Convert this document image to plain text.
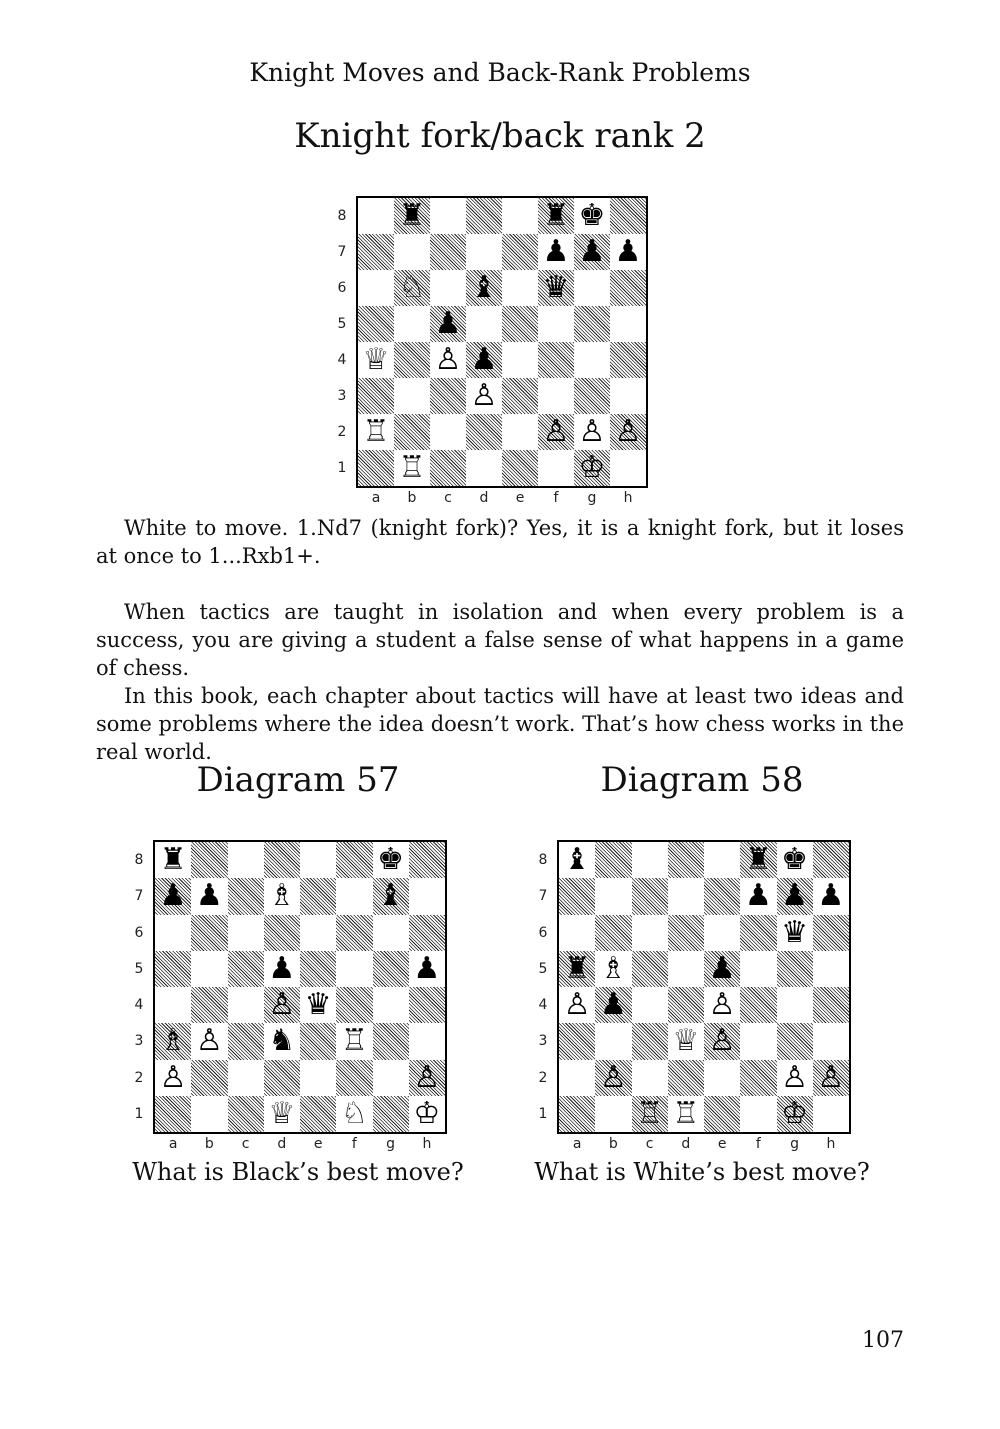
Knight Moves and Back-Rank Problems
Knight fork/back rank 2
♜	♜ ♚
♟ ♟ ♟
♘ ♝ ♛
♟
♕ ♙ ♟
♙
♖	♙ ♙ ♙
♖	♔
White to move. 1.Nd7 (knight fork)? Yes, it is a knight fork, but it loses at once to 1...Rxb1+.
When tactics are taught in isolation and when every problem is a success, you are giving a student a false sense of what happens in a game of chess.
In this book, each chapter about tactics will have at least two ideas and some problems where the idea doesn’t work. That’s how chess works in the real world.
Diagram 57	Diagram 58
♜	♚
♟ ♟ ♗	♝
♟	♟
♙ ♛
♗ ♙ ♞ ♖
♙	♙
♕ ♘ ♔
♝	♜ ♚
♟ ♟ ♟
♛
♜ ♗	♟
♙ ♟	♙
♕ ♙
♙	♙ ♙
♖ ♖	♔
What is Black’s best move?	What is White’s best move?
107
8
7
6
5
4
3
2
1
a	b	c	d	e	f	g	h
8
7
6
5
4
3
2
1
a	b	c	d	e	f	g	h
8
7
6
5
4
3
2
1
a	b	c	d	e	f	g	h
